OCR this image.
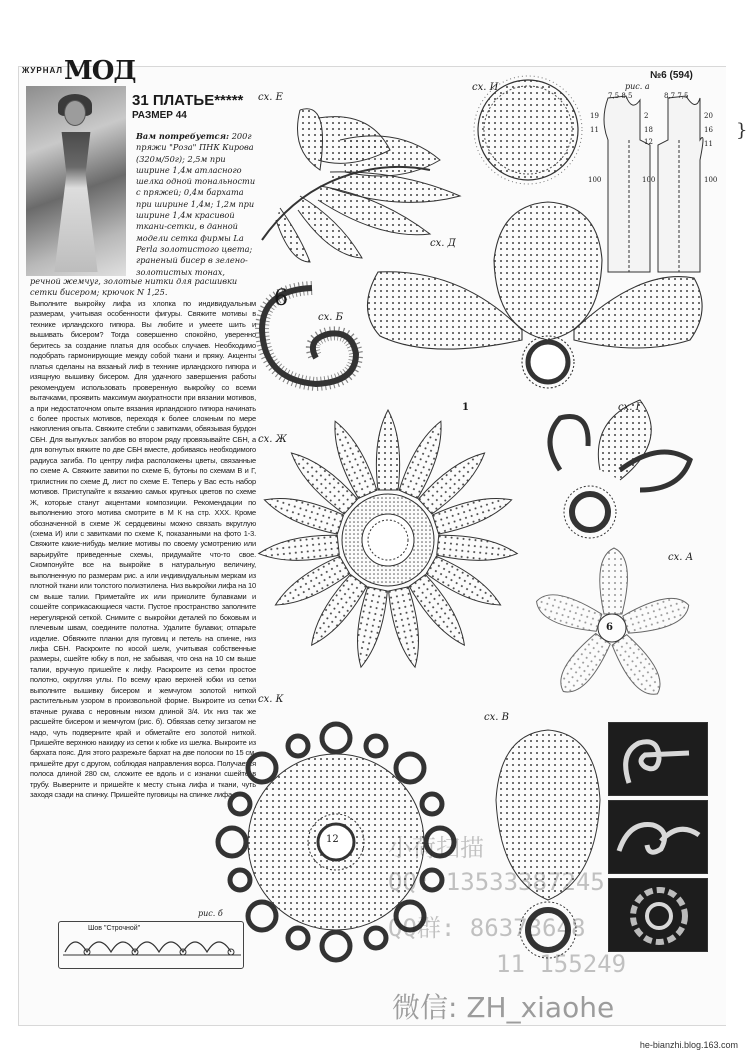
}
ЖУРНАЛ МОД	№6 (594)
31 ПЛАТЬЕ*****
РАЗМЕР 44
Вам потребуется: 200г пряжи "Роза" ПНК Кирова (320м/50г); 2,5м при ширине 1,4м атласного шелка одной тональности с пряжей; 0,4м бархата при ширине 1,4м; 1,2м при ширине 1,4м красивой ткани-сетки, в данной модели сетка фирмы La Perla золотистого цвета; граненый бисер в зелено-золотистых тонах,
речной жемчуг, золотые нитки для расшивки сетки бисером; крючок N 1,25.
Выполните выкройку лифа из хлопка по индивидуальным размерам, учитывая особенности фигуры. Свяжите мотивы в технике ирландского гипюра. Вы любите и умеете шить и вышивать бисером? Тогда совершенно спокойно, уверенно беритесь за создание платья для особых случаев. Необходимо подобрать гармонирующие между собой ткани и пряжу. Акценты платья сделаны на вязаный лиф в технике ирландского гипюра и изящную вышивку бисером. Для удачного завершения работы рекомендуем использовать проверенную выкройку со всеми вытачками, проявить максимум аккуратности при вязании мотивов, а при недостаточном опыте вязания ирландского гипюра начинать с более простых мотивов, переходя к более сложным по мере накопления опыта. Свяжите стебли с завитками, обвязывая бурдон СБН. Для выпуклых загибов во втором ряду провязывайте СБН, а для вогнутых вяжите по две СБН вместе, добиваясь необходимого радиуса загиба. По центру лифа расположены цветы, связанные по схеме А. Свяжите завитки по схеме Б, бутоны по схемам В и Г, трилистник по схеме Д, лист по схеме Е. Теперь у Вас есть набор мотивов. Приступайте к вязанию самых крупных цветов по схеме Ж, которые станут акцентами композиции. Рекомендации по выполнению этого мотива смотрите в М К на стр. XXX. Кроме обозначенной в схеме Ж сердцевины можно связать вкруглую (схема И) или с завитками по схеме К, показанными на фото 1-3. Свяжите какие-нибудь мелкие мотивы по своему усмотрению или варьируйте приведенные схемы, придумайте что-то свое. Скомпонуйте все на выкройке в натуральную величину, выполненную по размерам рис. а или индивидуальным меркам из плотной ткани или толстого полиэтилена. Низ выкройки лифа на 10 см выше талии. Приметайте их или приколите булавками и сошейте соприкасающиеся части. Пустое пространство заполните нерегулярной сеткой. Снимите с выкройки деталей по боковым и плечевым швам, соедините полотна. Удалите булавки; отпарьте изделие. Обвяжите планки для пуговиц и петель на спинке, низ лифа СБН. Раскроите по косой шелк, учитывая собственные размеры, сшейте юбку в пол, не забывая, что она на 10 см выше талии, вручную пришейте к лифу. Раскроите из сетки простое полотно, округляя углы. По всему краю верхней юбки из сетки выполните вышивку бисером и жемчугом золотой ниткой растительным узором в произвольной форме. Выкроите из сетки втачные рукава с неровным низом длиной 3/4. Их низ так же расшейте бисером и жемчугом (рис. б). Обвязав сетку зигзагом не надо, чуть подверните край и обметайте его золотой ниткой. Пришейте верхнюю накидку из сетки к юбке из шелка. Выкроите из бархата пояс. Для этого разрежьте бархат на две полоски по 15 см, пришейте друг с другом, соблюдая направления ворса. Получается полоса длиной 280 см, сложите ее вдоль и с изнанки сшейте в трубу. Выверните и пришейте к месту стыка лифа и ткани, чуть заходя сзади на спинку. Пришейте пуговицы на спинке лифа.
рис. б
Шов "Строчной"
сх. Е
сх. И
сх. Д
сх. Б
сх. Ж
сх. Г
сх. А
сх. К
сх. В
1
6
6
12
рис. а
7,5 8,5	8,7 7,5
19
11
2
18
12
20
16
11
100	100
100
小荷扫描
QQ: 13533387245
QQ群: 86373648
11 155249
微信: ZH_xiaohe
he-bianzhi.blog.163.com
